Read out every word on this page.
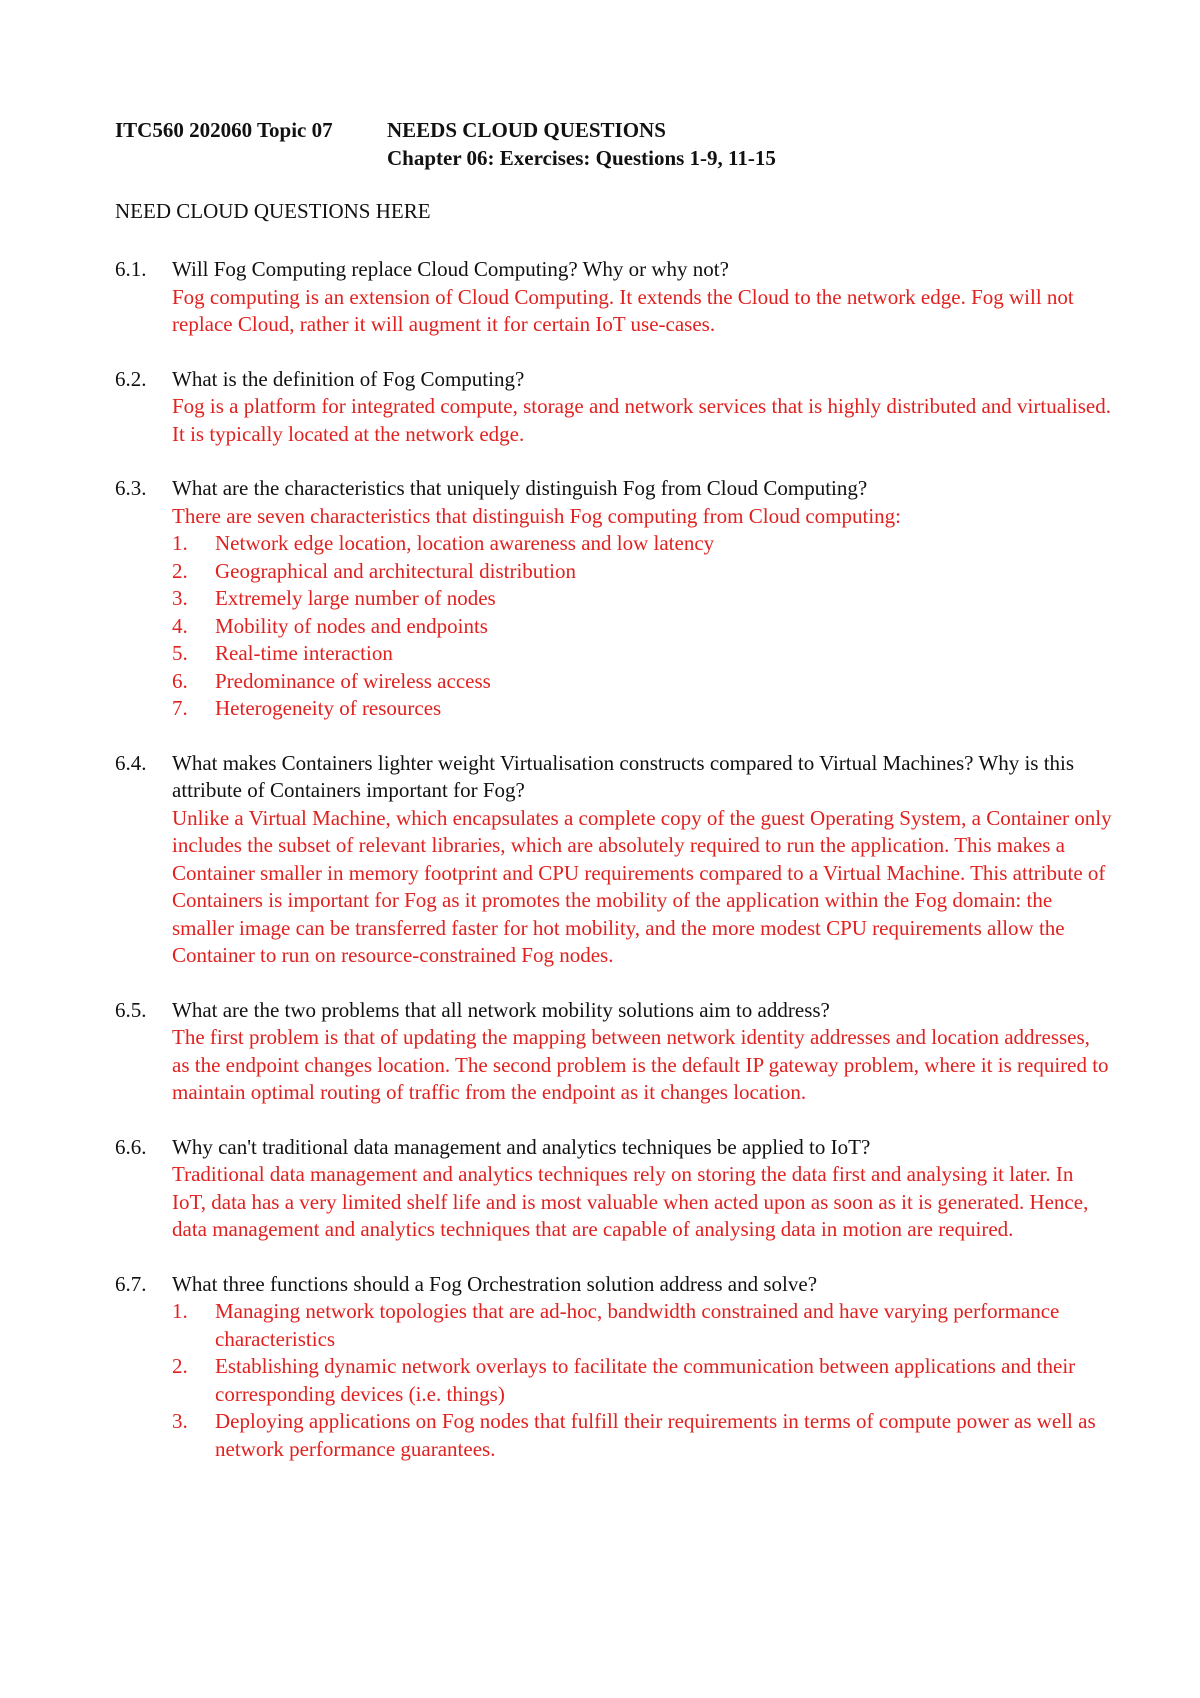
ITC560 202060 Topic 07	NEEDS CLOUD QUESTIONS
Chapter 06: Exercises: Questions 1-9, 11-15
NEED CLOUD QUESTIONS HERE
6.1.	Will Fog Computing replace Cloud Computing? Why or why not?
Fog computing is an extension of Cloud Computing. It extends the Cloud to the network edge. Fog will not replace Cloud, rather it will augment it for certain IoT use-cases.
6.2.	What is the definition of Fog Computing?
Fog is a platform for integrated compute, storage and network services that is highly distributed and virtualised. It is typically located at the network edge.
6.3.	What are the characteristics that uniquely distinguish Fog from Cloud Computing?
There are seven characteristics that distinguish Fog computing from Cloud computing:
1.	Network edge location, location awareness and low latency
2.	Geographical and architectural distribution
3.	Extremely large number of nodes
4.	Mobility of nodes and endpoints
5.	Real-time interaction
6.	Predominance of wireless access
7.	Heterogeneity of resources
6.4.	What makes Containers lighter weight Virtualisation constructs compared to Virtual Machines? Why is this attribute of Containers important for Fog?
Unlike a Virtual Machine, which encapsulates a complete copy of the guest Operating System, a Container only includes the subset of relevant libraries, which are absolutely required to run the application. This makes a Container smaller in memory footprint and CPU requirements compared to a Virtual Machine. This attribute of Containers is important for Fog as it promotes the mobility of the application within the Fog domain: the smaller image can be transferred faster for hot mobility, and the more modest CPU requirements allow the Container to run on resource-constrained Fog nodes.
6.5.	What are the two problems that all network mobility solutions aim to address?
The first problem is that of updating the mapping between network identity addresses and location addresses, as the endpoint changes location. The second problem is the default IP gateway problem, where it is required to maintain optimal routing of traffic from the endpoint as it changes location.
6.6.	Why can't traditional data management and analytics techniques be applied to IoT?
Traditional data management and analytics techniques rely on storing the data first and analysing it later. In IoT, data has a very limited shelf life and is most valuable when acted upon as soon as it is generated. Hence, data management and analytics techniques that are capable of analysing data in motion are required.
6.7.	What three functions should a Fog Orchestration solution address and solve?
1.	Managing network topologies that are ad-hoc, bandwidth constrained and have varying performance characteristics
2.	Establishing dynamic network overlays to facilitate the communication between applications and their corresponding devices (i.e. things)
3.	Deploying applications on Fog nodes that fulfill their requirements in terms of compute power as well as network performance guarantees.
